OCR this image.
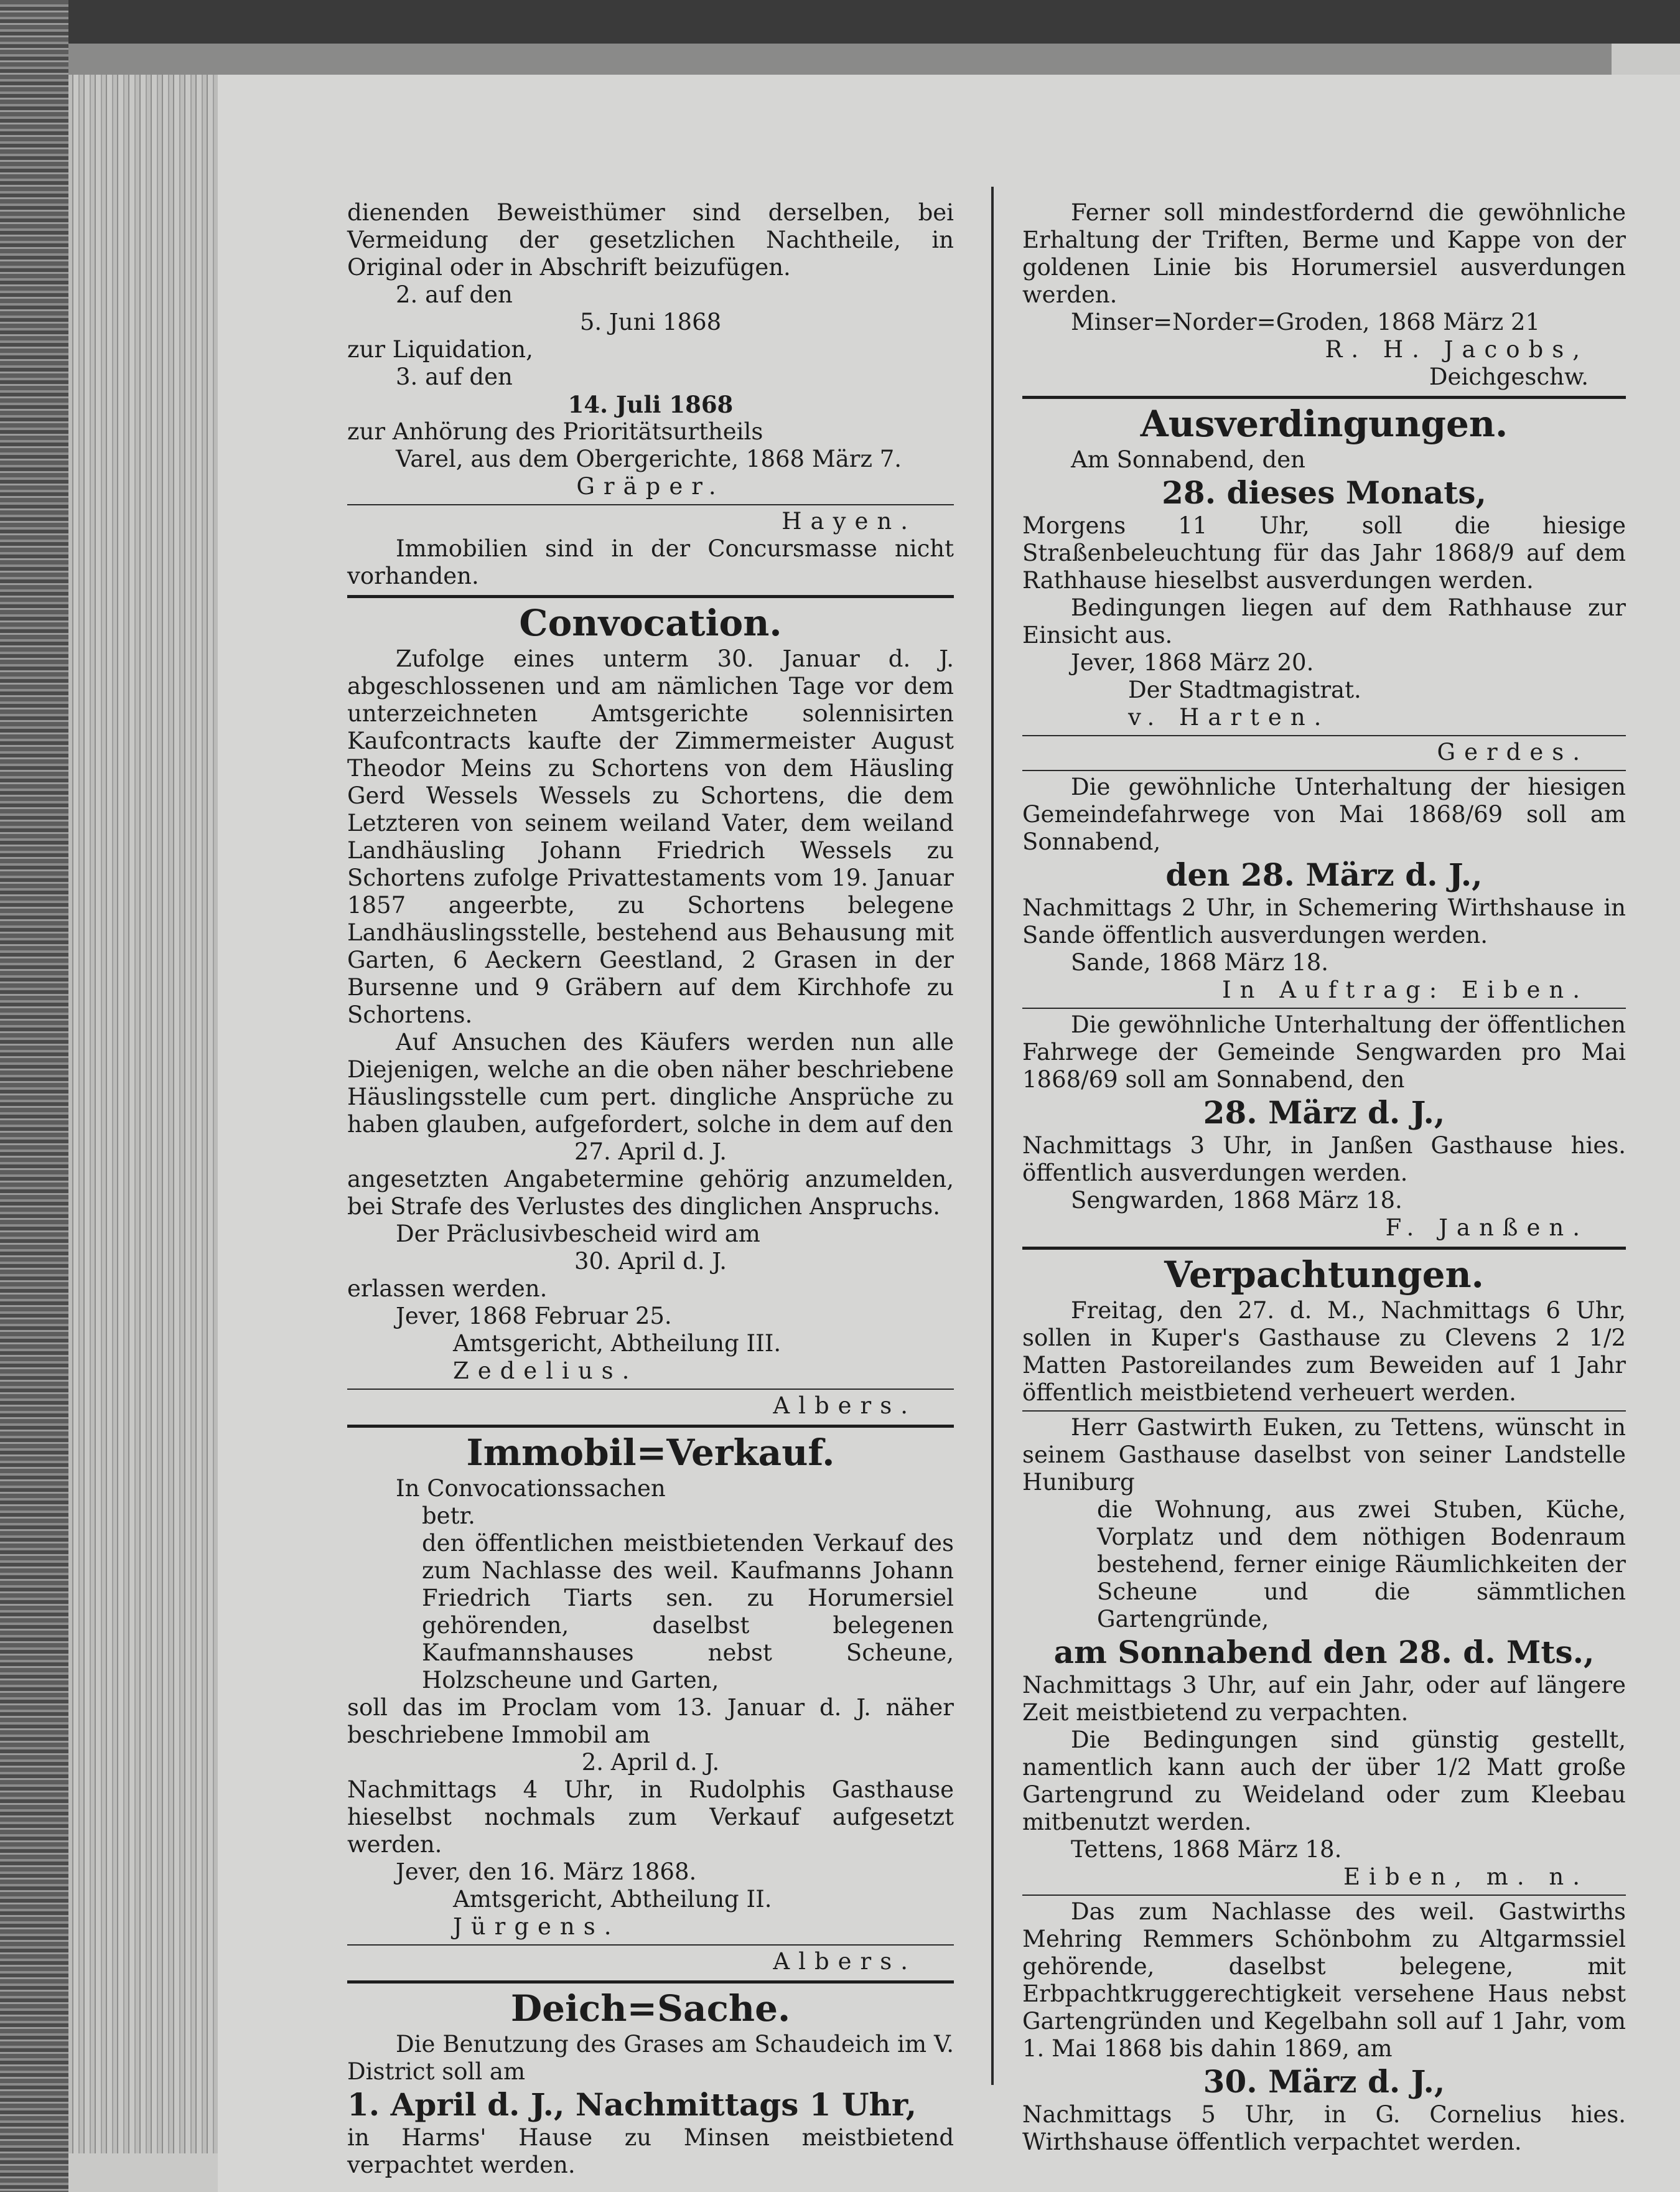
dienenden Beweisthümer sind derselben, bei Vermeidung der gesetzlichen Nachtheile, in Original oder in Abschrift beizufügen.

2. auf den

5. Juni 1868

zur Liquidation,

3. auf den

14. Juli 1868

zur Anhörung des Prioritätsurtheils

Varel, aus dem Obergerichte, 1868 März 7.

Gräper.

Hayen.

Immobilien sind in der Concursmasse nicht vorhanden.

Convocation.

Zufolge eines unterm 30. Januar d. J. abgeschlossenen und am nämlichen Tage vor dem unterzeichneten Amtsgerichte solennisirten Kaufcontracts kaufte der Zimmermeister August Theodor Meins zu Schortens von dem Häusling Gerd Wessels Wessels zu Schortens, die dem Letzteren von seinem weiland Vater, dem weiland Landhäusling Johann Friedrich Wessels zu Schortens zufolge Privattestaments vom 19. Januar 1857 angeerbte, zu Schortens belegene Landhäuslingsstelle, bestehend aus Behausung mit Garten, 6 Aeckern Geestland, 2 Grasen in der Bursenne und 9 Gräbern auf dem Kirchhofe zu Schortens.

Auf Ansuchen des Käufers werden nun alle Diejenigen, welche an die oben näher beschriebene Häuslingsstelle cum pert. dingliche Ansprüche zu haben glauben, aufgefordert, solche in dem auf den

27. April d. J.

angesetzten Angabetermine gehörig anzumelden, bei Strafe des Verlustes des dinglichen Anspruchs.

Der Präclusivbescheid wird am

30. April d. J.

erlassen werden.

Jever, 1868 Februar 25.

Amtsgericht, Abtheilung III.

Zedelius.

Albers.

Immobil=Verkauf.

In Convocationssachen

betr.

den öffentlichen meistbietenden Verkauf des zum Nachlasse des weil. Kaufmanns Johann Friedrich Tiarts sen. zu Horumersiel gehörenden, daselbst belegenen Kaufmannshauses nebst Scheune, Holzscheune und Garten,

soll das im Proclam vom 13. Januar d. J. näher beschriebene Immobil am

2. April d. J.

Nachmittags 4 Uhr, in Rudolphis Gasthause hieselbst nochmals zum Verkauf aufgesetzt werden.

Jever, den 16. März 1868.

Amtsgericht, Abtheilung II.

Jürgens.

Albers.

Deich=Sache.

Die Benutzung des Grases am Schaudeich im V. District soll am

1. April d. J., Nachmittags 1 Uhr,

in Harms' Hause zu Minsen meistbietend verpachtet werden.

Ferner soll mindestfordernd die gewöhnliche Erhaltung der Triften, Berme und Kappe von der goldenen Linie bis Horumersiel ausverdungen werden.

Minser=Norder=Groden, 1868 März 21

R. H. Jacobs,

Deichgeschw.

Ausverdingungen.

Am Sonnabend, den

28. dieses Monats,

Morgens 11 Uhr, soll die hiesige Straßenbeleuchtung für das Jahr 1868/9 auf dem Rathhause hieselbst ausverdungen werden.

Bedingungen liegen auf dem Rathhause zur Einsicht aus.

Jever, 1868 März 20.

Der Stadtmagistrat.

v. Harten.

Gerdes.

Die gewöhnliche Unterhaltung der hiesigen Gemeindefahrwege von Mai 1868/69 soll am Sonnabend,

den 28. März d. J.,

Nachmittags 2 Uhr, in Schemering Wirthshause in Sande öffentlich ausverdungen werden.

Sande, 1868 März 18.

In Auftrag: Eiben.

Die gewöhnliche Unterhaltung der öffentlichen Fahrwege der Gemeinde Sengwarden pro Mai 1868/69 soll am Sonnabend, den

28. März d. J.,

Nachmittags 3 Uhr, in Janßen Gasthause hies. öffentlich ausverdungen werden.

Sengwarden, 1868 März 18.

F. Janßen.

Verpachtungen.

Freitag, den 27. d. M., Nachmittags 6 Uhr, sollen in Kuper's Gasthause zu Clevens 2 1/2 Matten Pastoreilandes zum Beweiden auf 1 Jahr öffentlich meistbietend verheuert werden.

Herr Gastwirth Euken, zu Tettens, wünscht in seinem Gasthause daselbst von seiner Landstelle Huniburg

die Wohnung, aus zwei Stuben, Küche, Vorplatz und dem nöthigen Bodenraum bestehend, ferner einige Räumlichkeiten der Scheune und die sämmtlichen Gartengründe,

am Sonnabend den 28. d. Mts.,

Nachmittags 3 Uhr, auf ein Jahr, oder auf längere Zeit meistbietend zu verpachten.

Die Bedingungen sind günstig gestellt, namentlich kann auch der über 1/2 Matt große Gartengrund zu Weideland oder zum Kleebau mitbenutzt werden.

Tettens, 1868 März 18.

Eiben, m. n.

Das zum Nachlasse des weil. Gastwirths Mehring Remmers Schönbohm zu Altgarmssiel gehörende, daselbst belegene, mit Erbpachtkruggerechtigkeit versehene Haus nebst Gartengründen und Kegelbahn soll auf 1 Jahr, vom 1. Mai 1868 bis dahin 1869, am

30. März d. J.,

Nachmittags 5 Uhr, in G. Cornelius hies. Wirthshause öffentlich verpachtet werden.
